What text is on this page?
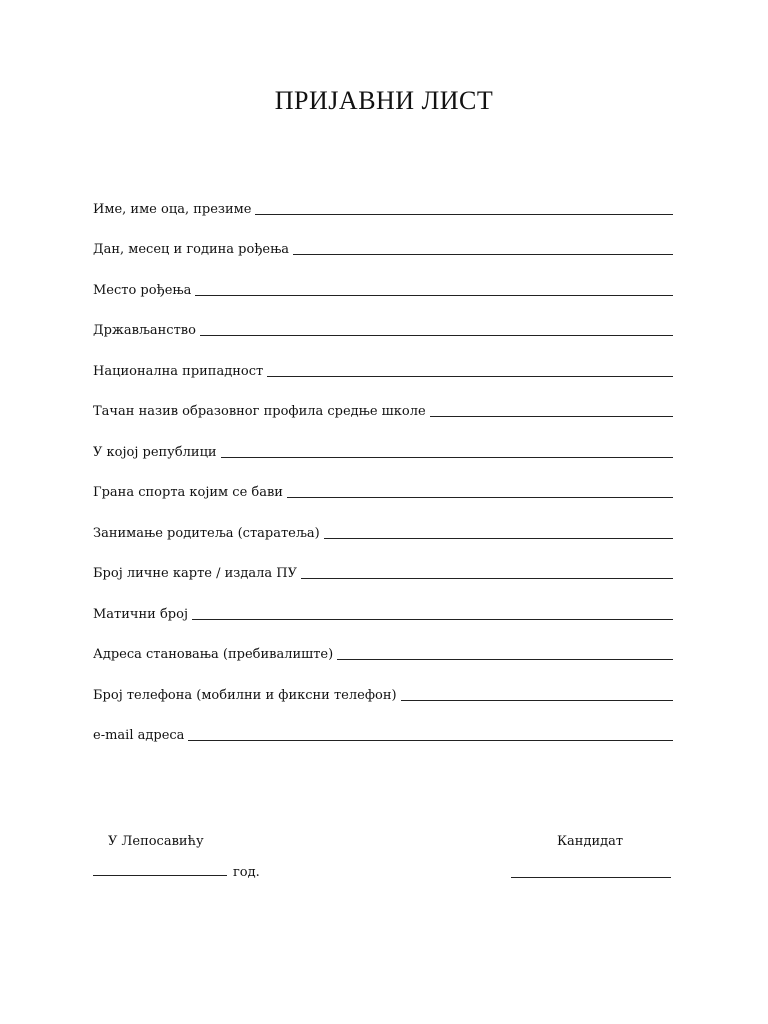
ПРИЈАВНИ ЛИСТ
Име, име оца, презиме
Дан, месец и година рођења
Место рођења
Држављанство
Национална припадност
Тачан назив образовног профила средње школе
У којој републици
Грана спорта којим се бави
Занимање родитеља (старатеља)
Број личне карте / издала ПУ
Матични број
Адреса становања (пребивалиште)
Број телефона (мобилни и фиксни телефон)
e-mail адреса
У Лепосавићу	Кандидат
год.
